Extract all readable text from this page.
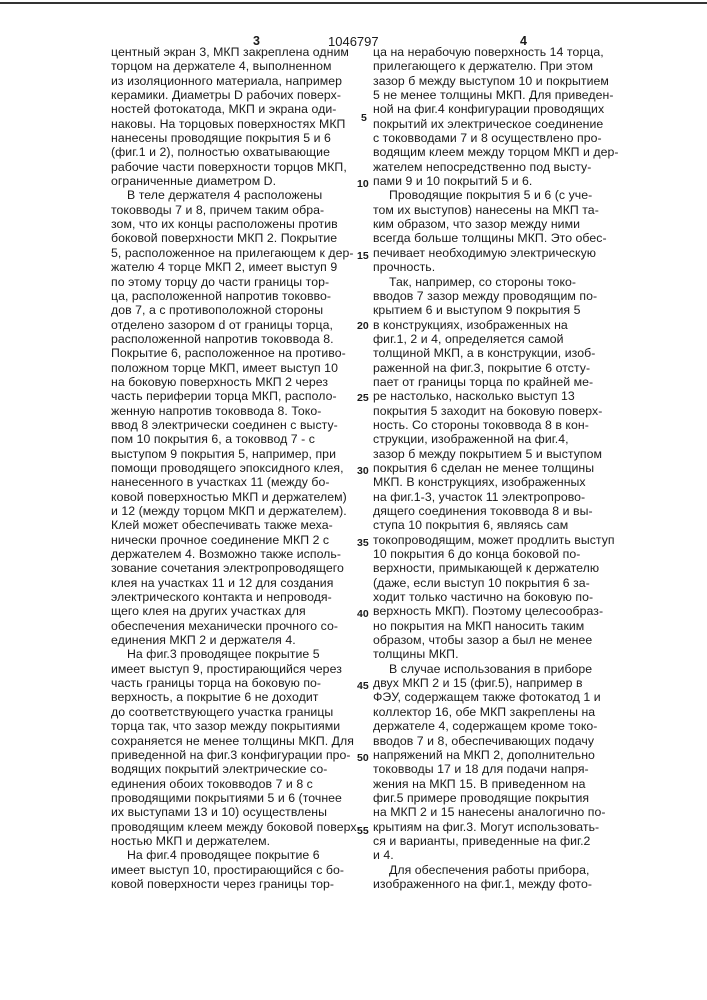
3	1046797	4
центный экран 3, МКП закреплена одним
торцом на держателе 4, выполненном
из изоляционного материала, например
керамики. Диаметры D рабочих поверх-
ностей фотокатода, МКП и экрана оди-
наковы. На торцовых поверхностях МКП
нанесены проводящие покрытия 5 и 6
(фиг.1 и 2), полностью охватывающие
рабочие части поверхности торцов МКП,
ограниченные диаметром D.
В теле держателя 4 расположены
токовводы 7 и 8, причем таким обра-
зом, что их концы расположены против
боковой поверхности МКП 2. Покрытие
5, расположенное на прилегающем к дер-
жателю 4 торце МКП 2, имеет выступ 9
по этому торцу до части границы тор-
ца, расположенной напротив токовво-
дов 7, а с противоположной стороны
отделено зазором d от границы торца,
расположенной напротив токоввода 8.
Покрытие 6, расположенное на противо-
положном торце МКП, имеет выступ 10
на боковую поверхность МКП 2 через
часть периферии торца МКП, располо-
женную напротив токоввода 8. Токо-
ввод 8 электрически соединен с высту-
пом 10 покрытия 6, а токоввод 7 - с
выступом 9 покрытия 5, например, при
помощи проводящего эпоксидного клея,
нанесенного в участках 11 (между бо-
ковой поверхностью МКП и держателем)
и 12 (между торцом МКП и держателем).
Клей может обеспечивать также меха-
нически прочное соединение МКП 2 с
держателем 4. Возможно также исполь-
зование сочетания электропроводящего
клея на участках 11 и 12 для создания
электрического контакта и непроводя-
щего клея на других участках для
обеспечения механически прочного со-
единения МКП 2 и держателя 4.
На фиг.3 проводящее покрытие 5
имеет выступ 9, простирающийся через
часть границы торца на боковую по-
верхность, а покрытие 6 не доходит
до соответствующего участка границы
торца так, что зазор между покрытиями
сохраняется не менее толщины МКП. Для
приведенной на фиг.3 конфигурации про-
водящих покрытий электрические со-
единения обоих токовводов 7 и 8 с
проводящими покрытиями 5 и 6 (точнее
их выступами 13 и 10) осуществлены
проводящим клеем между боковой поверх-
ностью МКП и держателем.
На фиг.4 проводящее покрытие 6
имеет выступ 10, простирающийся с бо-
ковой поверхности через границы тор-
ца на нерабочую поверхность 14 торца,
прилегающего к держателю. При этом
зазор б между выступом 10 и покрытием
5 не менее толщины МКП. Для приведен-
ной на фиг.4 конфигурации проводящих
покрытий их электрическое соединение
с токовводами 7 и 8 осуществлено про-
водящим клеем между торцом МКП и дер-
жателем непосредственно под высту-
пами 9 и 10 покрытий 5 и 6.
Проводящие покрытия 5 и 6 (с уче-
том их выступов) нанесены на МКП та-
ким образом, что зазор между ними
всегда больше толщины МКП. Это обес-
печивает необходимую электрическую
прочность.
Так, например, со стороны токо-
вводов 7 зазор между проводящим по-
крытием 6 и выступом 9 покрытия 5
в конструкциях, изображенных на
фиг.1, 2 и 4, определяется самой
толщиной МКП, а в конструкции, изоб-
раженной на фиг.3, покрытие 6 отсту-
пает от границы торца по крайней ме-
ре настолько, насколько выступ 13
покрытия 5 заходит на боковую поверх-
ность. Со стороны токоввода 8 в кон-
струкции, изображенной на фиг.4,
зазор б между покрытием 5 и выступом
покрытия 6 сделан не менее толщины
МКП. В конструкциях, изображенных
на фиг.1-3, участок 11 электропрово-
дящего соединения токоввода 8 и вы-
ступа 10 покрытия 6, являясь сам
токопроводящим, может продлить выступ
10 покрытия 6 до конца боковой по-
верхности, примыкающей к держателю
(даже, если выступ 10 покрытия 6 за-
ходит только частично на боковую по-
верхность МКП). Поэтому целесообраз-
но покрытия на МКП наносить таким
образом, чтобы зазор a был не менее
толщины МКП.
В случае использования в приборе
двух МКП 2 и 15 (фиг.5), например в
ФЭУ, содержащем также фотокатод 1 и
коллектор 16, обе МКП закреплены на
держателе 4, содержащем кроме токо-
вводов 7 и 8, обеспечивающих подачу
напряжений на МКП 2, дополнительно
токовводы 17 и 18 для подачи напря-
жения на МКП 15. В приведенном на
фиг.5 примере проводящие покрытия
на МКП 2 и 15 нанесены аналогично по-
крытиям на фиг.3. Могут использовать-
ся и варианты, приведенные на фиг.2
и 4.
Для обеспечения работы прибора,
изображенного на фиг.1, между фото-
5
10
15
20
25
30
35
40
45
50
55
